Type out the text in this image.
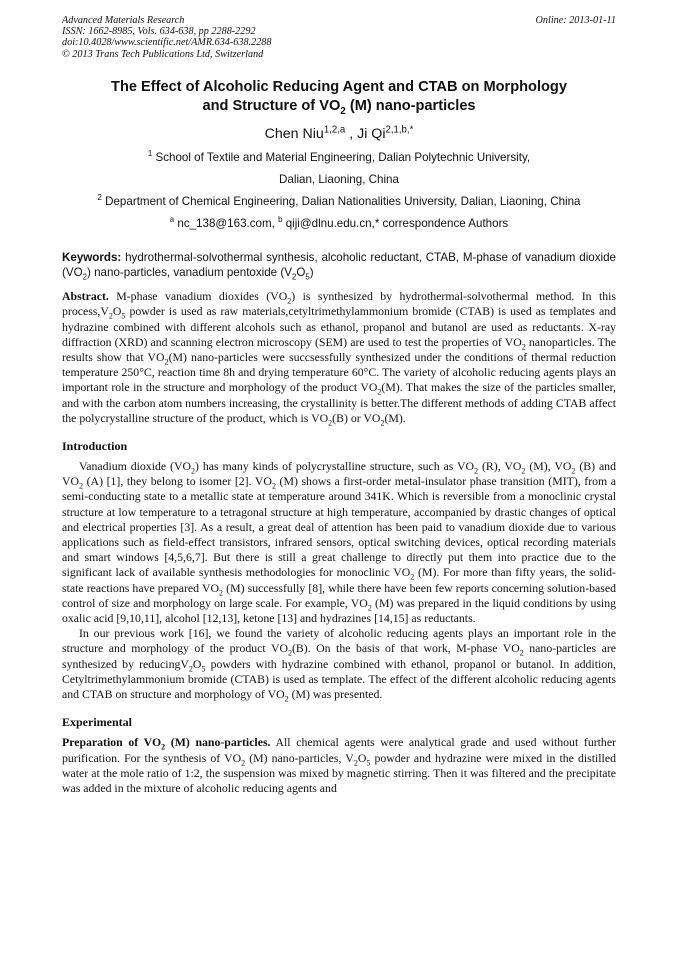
Advanced Materials Research
ISSN: 1662-8985, Vols. 634-638, pp 2288-2292
doi:10.4028/www.scientific.net/AMR.634-638.2288
© 2013 Trans Tech Publications Ltd, Switzerland
Online: 2013-01-11
The Effect of Alcoholic Reducing Agent and CTAB on Morphology
and Structure of $VO_2$ (M) nano-particles
Chen Niu$^{1,2,a}$ , Ji $Qi^{2,1,b,*}$
$^1$ School of Textile and Material Engineering, Dalian Polytechnic University,
Dalian, Liaoning, China
$^2$ Department of Chemical Engineering, Dalian Nationalities University, Dalian, Liaoning, China
$^a$ nc_138@163.com, $^b$ qiji@dlnu.edu.cn,* correspondence Authors
Keywords: hydrothermal-solvothermal synthesis, alcoholic reductant, CTAB, M-phase of vanadium dioxide $(VO_2)$ nano-particles, vanadium pentoxide $(V_2O_5)$
Abstract. M-phase vanadium dioxides $(VO_2)$ is synthesized by hydrothermal-solvothermal method. In this $process,V_2O_5$ powder is used as raw materials,cetyltrimethylammonium bromide (CTAB) is used as templates and hydrazine combined with different alcohols such as ethanol, propanol and butanol are used as reductants. X-ray diffraction (XRD) and scanning electron microscopy (SEM) are used to test the properties of $VO_2$ nanoparticles. The results show that $VO_2(M)$ nano-particles were succsessfully synthesized under the conditions of thermal reduction temperature 250°C, reaction time 8h and drying temperature 60°C. The variety of alcoholic reducing agents plays an important role in the structure and morphology of the product $VO_2(M)$. That makes the size of the particles smaller, and with the carbon atom numbers increasing, the crystallinity is better.The different methods of adding CTAB affect the polycrystalline structure of the product, which is $VO_2(B)$ or $VO_2(M)$.
Introduction
Vanadium dioxide $(VO_2)$ has many kinds of polycrystalline structure, such as $VO_2$ (R), $VO_2$ (M), $VO_2$ (B) and $VO_2$ (A) [1], they belong to isomer [2]. $VO_2$ (M) shows a first-order metal-insulator phase transition (MIT), from a semi-conducting state to a metallic state at temperature around 341K. Which is reversible from a monoclinic crystal structure at low temperature to a tetragonal structure at high temperature, accompanied by drastic changes of optical and electrical properties [3]. As a result, a great deal of attention has been paid to vanadium dioxide due to various applications such as field-effect transistors, infrared sensors, optical switching devices, optical recording materials and smart windows [4,5,6,7]. But there is still a great challenge to directly put them into practice due to the significant lack of available synthesis methodologies for monoclinic $VO_2$ (M). For more than fifty years, the solid-state reactions have prepared $VO_2$ (M) successfully [8], while there have been few reports concerning solution-based control of size and morphology on large scale. For example, $VO_2$ (M) was prepared in the liquid conditions by using oxalic acid [9,10,11], alcohol [12,13], ketone [13] and hydrazines [14,15] as reductants.
In our previous work [16], we found the variety of alcoholic reducing agents plays an important role in the structure and morphology of the product $VO_2(B)$. On the basis of that work, M-phase $VO_2$ nano-particles are synthesized by $reducingV_2O_5$ powders with hydrazine combined with ethanol, propanol or butanol. In addition, Cetyltrimethylammonium bromide (CTAB) is used as template. The effect of the different alcoholic reducing agents and CTAB on structure and morphology of $VO_2$ (M) was presented.
Experimental
Preparation of $VO_2$ (M) nano-particles. All chemical agents were analytical grade and used without further purification. For the synthesis of $VO_2$ (M) nano-particles, $V_2O_5$ powder and hydrazine were mixed in the distilled water at the mole ratio of 1:2, the suspension was mixed by magnetic stirring. Then it was filtered and the precipitate was added in the mixture of alcoholic reducing agents and
